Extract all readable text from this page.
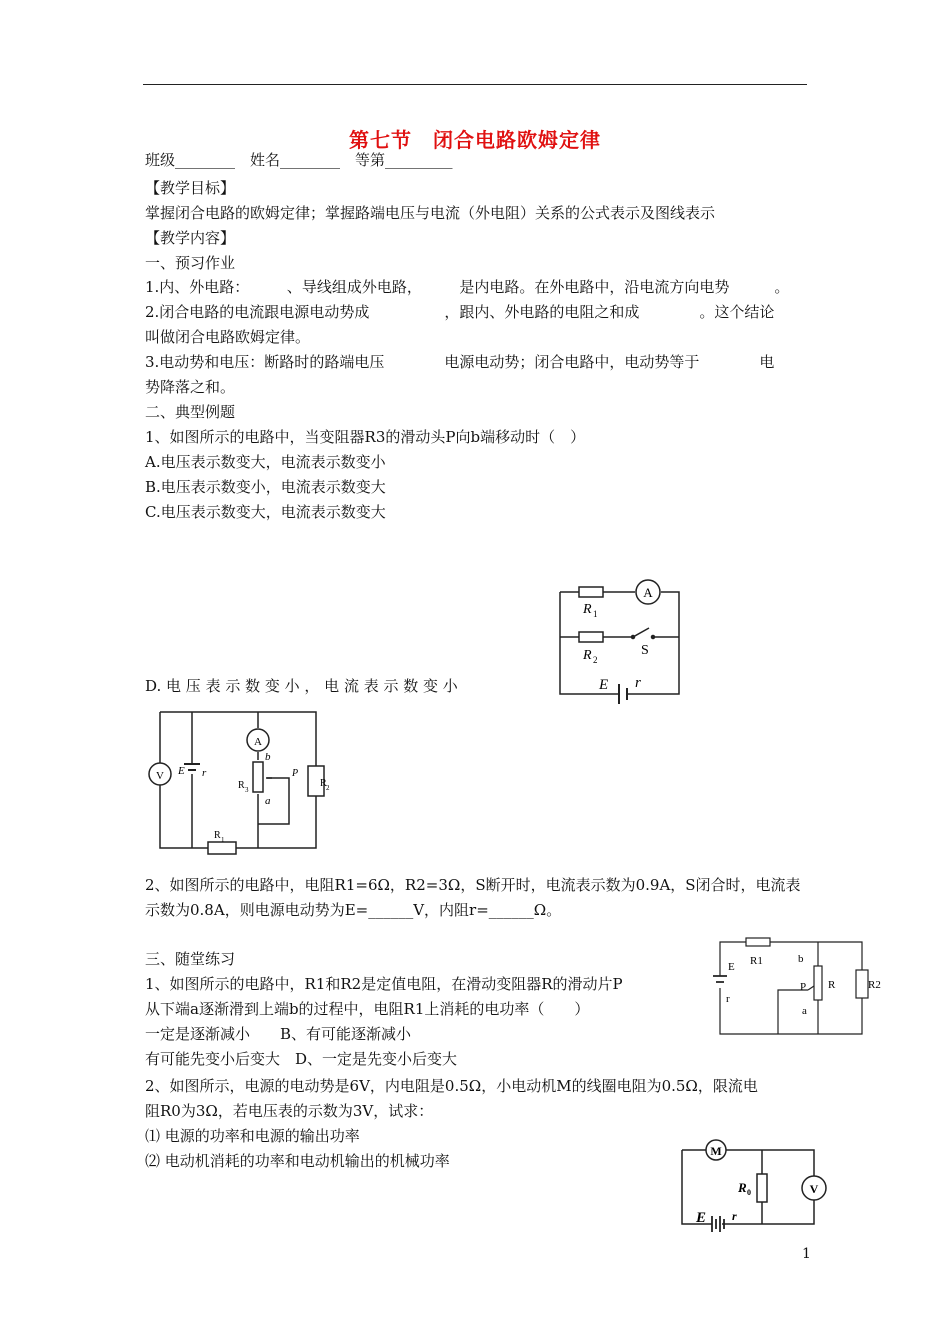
第七节　闭合电路欧姆定律
班级________　姓名________　等第_________
【教学目标】
掌握闭合电路的欧姆定律；掌握路端电压与电流（外电阻）关系的公式表示及图线表示
【教学内容】
一、预习作业
1.内、外电路：　　　、导线组成外电路，　　　是内电路。在外电路中，沿电流方向电势　　　。
2.闭合电路的电流跟电源电动势成　　　　　，跟内、外电路的电阻之和成　　　　。这个结论
叫做闭合电路欧姆定律。
3.电动势和电压：断路时的路端电压　　　　电源电动势；闭合电路中，电动势等于　　　　电
势降落之和。
二、典型例题
1、如图所示的电路中，当变阻器R3的滑动头P向b端移动时（　）
A.电压表示数变大，电流表示数变小
B.电压表示数变小，电流表示数变大
C.电压表示数变大，电流表示数变大
D. 电 压 表 示 数 变 小 ， 电 流 表 示 数 变 小
2、如图所示的电路中，电阻R1=6Ω，R2=3Ω，S断开时，电流表示数为0.9A，S闭合时，电流表
示数为0.8A，则电源电动势为E=______V，内阻r=______Ω。
三、随堂练习
1、如图所示的电路中，R1和R2是定值电阻，在滑动变阻器R的滑动片P
从下端a逐渐滑到上端b的过程中，电阻R1上消耗的电功率（　　）
一定是逐渐减小　　B、有可能逐渐减小
有可能先变小后变大　D、一定是先变小后变大
2、如图所示，电源的电动势是6V，内电阻是0.5Ω，小电动机M的线圈电阻为0.5Ω，限流电
阻R0为3Ω，若电压表的示数为3V，试求：
⑴ 电源的功率和电源的输出功率
⑵ 电动机消耗的功率和电动机输出的机械功率
A
R 1
R 2
S
E r
V
A
E r
R 3
b
a
P
R 2
R 1
E
r
R1	b
P R
a
R2
M
R 0	V
E r
1
